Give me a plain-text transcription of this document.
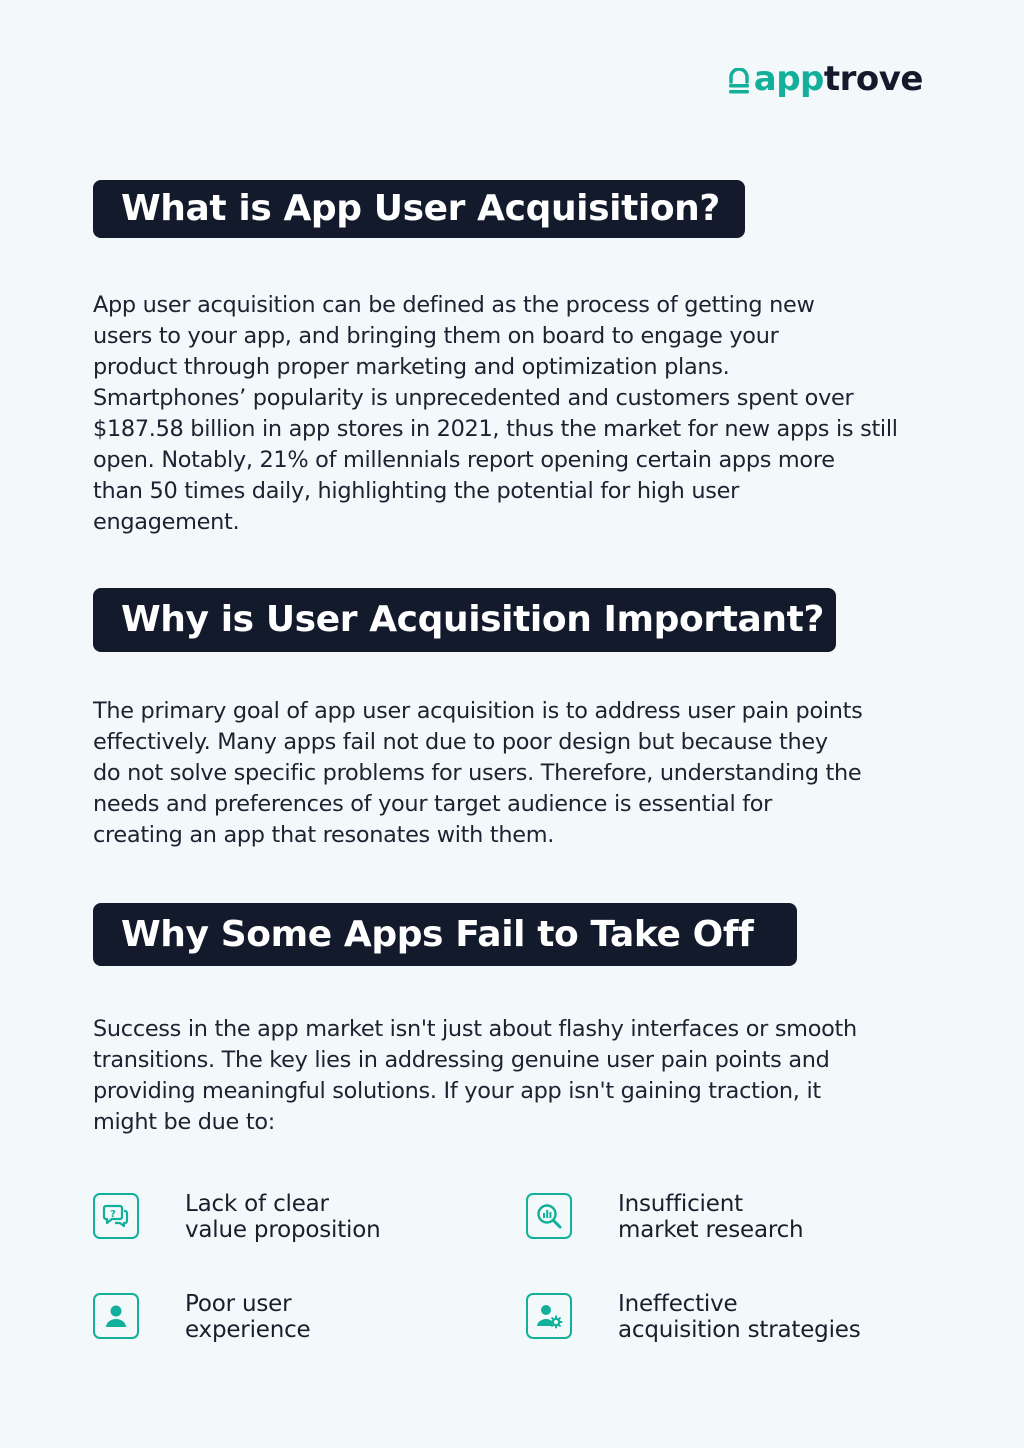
app trove
What is App User Acquisition?
App user acquisition can be defined as the process of getting new
users to your app, and bringing them on board to engage your
product through proper marketing and optimization plans.
Smartphones’ popularity is unprecedented and customers spent over
$187.58 billion in app stores in 2021, thus the market for new apps is still
open. Notably, 21% of millennials report opening certain apps more
than 50 times daily, highlighting the potential for high user
engagement.
Why is User Acquisition Important?
The primary goal of app user acquisition is to address user pain points
effectively. Many apps fail not due to poor design but because they
do not solve specific problems for users. Therefore, understanding the
needs and preferences of your target audience is essential for
creating an app that resonates with them.
Why Some Apps Fail to Take Off
Success in the app market isn't just about flashy interfaces or smooth
transitions. The key lies in addressing genuine user pain points and
providing meaningful solutions. If your app isn't gaining traction, it
might be due to:
?	Lack of clear
value proposition
Insufficient
market research
Poor user
experience
Ineffective
acquisition strategies
